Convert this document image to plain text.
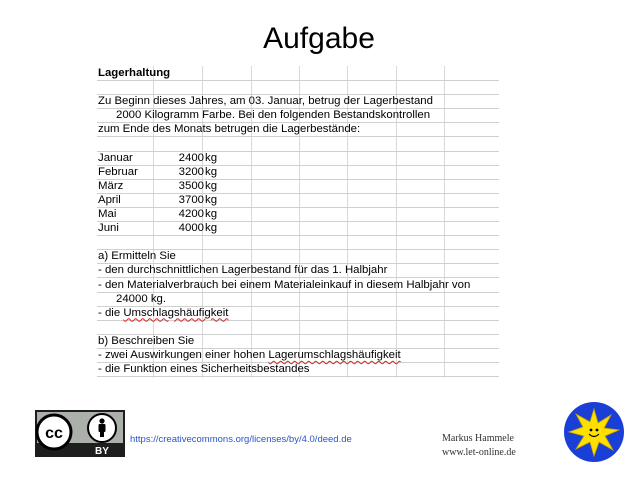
Aufgabe
Lagerhaltung
Zu Beginn dieses Jahres, am 03. Januar, betrug der Lagerbestand
2000 Kilogramm Farbe. Bei den folgenden Bestandskontrollen
zum Ende des Monats betrugen die Lagerbestände:
Januar	2400 kg
Februar	3200 kg
März	3500 kg
April	3700 kg
Mai	4200 kg
Juni	4000 kg
a) Ermitteln Sie
- den durchschnittlichen Lagerbestand für das 1. Halbjahr
- den Materialverbrauch bei einem Materialeinkauf in diesem Halbjahr von
24000 kg.
- die Umschlagshäufigkeit
b) Beschreiben Sie
- zwei Auswirkungen einer hohen Lagerumschlagshäufigkeit
- die Funktion eines Sicherheitsbestandes
cc
BY
https://creativecommons.org/licenses/by/4.0/deed.de	Markus Hammele
www.let-online.de
